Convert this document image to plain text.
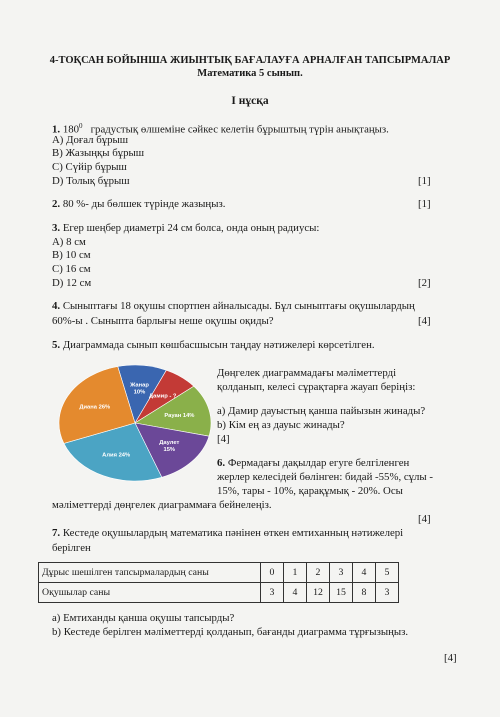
4-ТОҚСАН БОЙЫНША ЖИЫНТЫҚ БАҒАЛАУҒА АРНАЛҒАН ТАПСЫРМАЛАР
Математика 5 сынып.
І нұсқа
1. $180^0$ градустық өлшеміне сәйкес келетін бұрыштың түрін анықтаңыз.
А) Доғал бұрыш
В) Жазыңқы бұрыш
С) Сүйір бұрыш
D) Толық бұрыш	[1]
2. 80 %- ды бөлшек түрінде жазыңыз.	[1]
3. Егер шеңбер диаметрі 24 см болса, онда оның радиусы:
А) 8 см
В) 10 см
С) 16 см
D) 12 см	[2]
4. Сыныптағы 18 оқушы спортпен айналысады. Бұл сыныптағы оқушылардың
60%-ы . Сыныпта барлығы неше оқушы оқиды?	[4]
5. Диаграммада сынып көшбасшысын таңдау нәтижелері көрсетілген.
Жанар 10%
Дамир - ?
Рауан 14%
Даулет 15%
Алия 24%
Диана 26%
Дөңгелек диаграммадағы мәліметтерді
қолданып, келесі сұрақтарға жауап беріңіз:
а) Дамир дауыстың қанша пайызын жинады?
b) Кім ең аз дауыс жинады?
[4]
6. Фермадағы дақылдар егуге белгіленген
жерлер келесідей бөлінген: бидай -55%, сұлы -
15%, тары - 10%, қарақұмық - 20%. Осы
мәліметтерді дөңгелек диаграммаға бейнелеңіз.
[4]
7. Кестеде оқушылардың математика пәнінен өткен емтиханның нәтижелері
берілген
Дұрыс шешілген тапсырмалардың саны	0	1	2	3	4	5
Оқушылар саны	3	4	12	15	8	3
а) Емтиханды қанша оқушы тапсырды?
b) Кестеде берілген мәліметтерді қолданып, бағанды диаграмма тұрғызыңыз.
[4]
